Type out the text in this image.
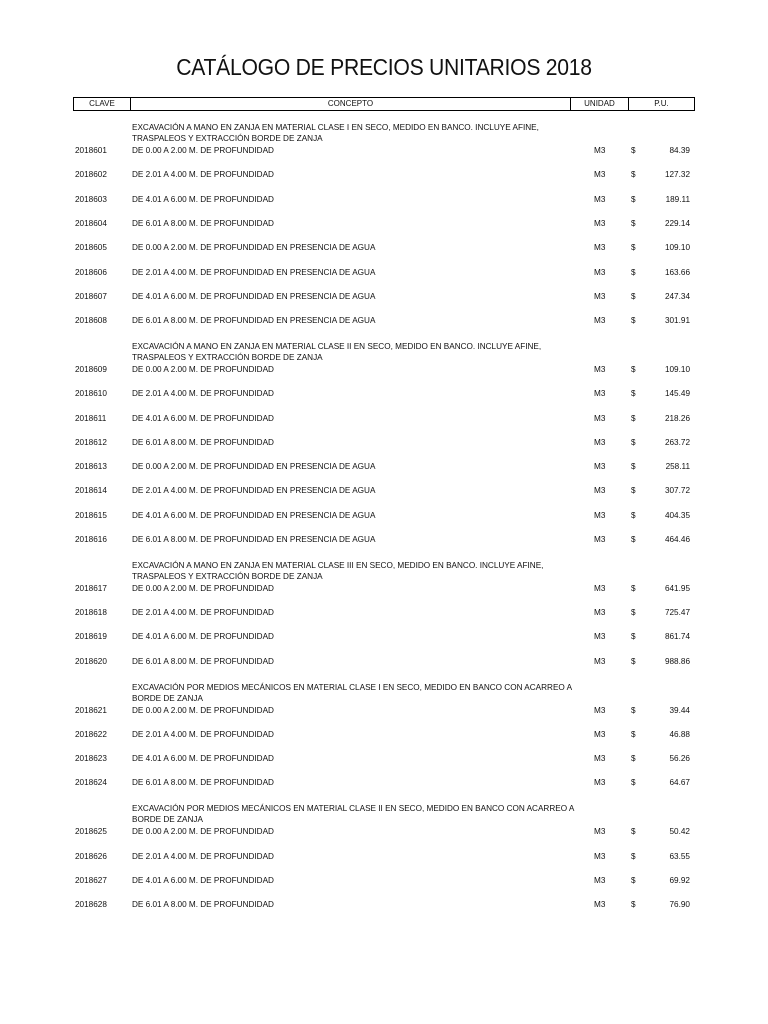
CATÁLOGO DE PRECIOS UNITARIOS 2018
CLAVE	CONCEPTO	UNIDAD	P.U.
EXCAVACIÓN A MANO EN ZANJA EN MATERIAL CLASE I EN SECO, MEDIDO EN BANCO. INCLUYE AFINE,
TRASPALEOS Y EXTRACCIÓN BORDE DE ZANJA
2018601	DE 0.00 A 2.00 M. DE PROFUNDIDAD	M3	$	84.39
2018602	DE 2.01 A 4.00 M. DE PROFUNDIDAD	M3	$	127.32
2018603	DE 4.01 A 6.00 M. DE PROFUNDIDAD	M3	$	189.11
2018604	DE 6.01 A 8.00 M. DE PROFUNDIDAD	M3	$	229.14
2018605	DE 0.00 A 2.00 M. DE PROFUNDIDAD EN PRESENCIA DE AGUA	M3	$	109.10
2018606	DE 2.01 A 4.00 M. DE PROFUNDIDAD EN PRESENCIA DE AGUA	M3	$	163.66
2018607	DE 4.01 A 6.00 M. DE PROFUNDIDAD EN PRESENCIA DE AGUA	M3	$	247.34
2018608	DE 6.01 A 8.00 M. DE PROFUNDIDAD EN PRESENCIA DE AGUA	M3	$	301.91
EXCAVACIÓN A MANO EN ZANJA EN MATERIAL CLASE II EN SECO, MEDIDO EN BANCO. INCLUYE AFINE,
TRASPALEOS Y EXTRACCIÓN BORDE DE ZANJA
2018609	DE 0.00 A 2.00 M. DE PROFUNDIDAD	M3	$	109.10
2018610	DE 2.01 A 4.00 M. DE PROFUNDIDAD	M3	$	145.49
2018611	DE 4.01 A 6.00 M. DE PROFUNDIDAD	M3	$	218.26
2018612	DE 6.01 A 8.00 M. DE PROFUNDIDAD	M3	$	263.72
2018613	DE 0.00 A 2.00 M. DE PROFUNDIDAD EN PRESENCIA DE AGUA	M3	$	258.11
2018614	DE 2.01 A 4.00 M. DE PROFUNDIDAD EN PRESENCIA DE AGUA	M3	$	307.72
2018615	DE 4.01 A 6.00 M. DE PROFUNDIDAD EN PRESENCIA DE AGUA	M3	$	404.35
2018616	DE 6.01 A 8.00 M. DE PROFUNDIDAD EN PRESENCIA DE AGUA	M3	$	464.46
EXCAVACIÓN A MANO EN ZANJA EN MATERIAL CLASE III EN SECO, MEDIDO EN BANCO. INCLUYE AFINE,
TRASPALEOS Y EXTRACCIÓN BORDE DE ZANJA
2018617	DE 0.00 A 2.00 M. DE PROFUNDIDAD	M3	$	641.95
2018618	DE 2.01 A 4.00 M. DE PROFUNDIDAD	M3	$	725.47
2018619	DE 4.01 A 6.00 M. DE PROFUNDIDAD	M3	$	861.74
2018620	DE 6.01 A 8.00 M. DE PROFUNDIDAD	M3	$	988.86
EXCAVACIÓN POR MEDIOS MECÁNICOS EN MATERIAL CLASE I EN SECO, MEDIDO EN BANCO CON ACARREO A
BORDE DE ZANJA
2018621	DE 0.00 A 2.00 M. DE PROFUNDIDAD	M3	$	39.44
2018622	DE 2.01 A 4.00 M. DE PROFUNDIDAD	M3	$	46.88
2018623	DE 4.01 A 6.00 M. DE PROFUNDIDAD	M3	$	56.26
2018624	DE 6.01 A 8.00 M. DE PROFUNDIDAD	M3	$	64.67
EXCAVACIÓN POR MEDIOS MECÁNICOS EN MATERIAL CLASE II EN SECO, MEDIDO EN BANCO CON ACARREO A
BORDE DE ZANJA
2018625	DE 0.00 A 2.00 M. DE PROFUNDIDAD	M3	$	50.42
2018626	DE 2.01 A 4.00 M. DE PROFUNDIDAD	M3	$	63.55
2018627	DE 4.01 A 6.00 M. DE PROFUNDIDAD	M3	$	69.92
2018628	DE 6.01 A 8.00 M. DE PROFUNDIDAD	M3	$	76.90
